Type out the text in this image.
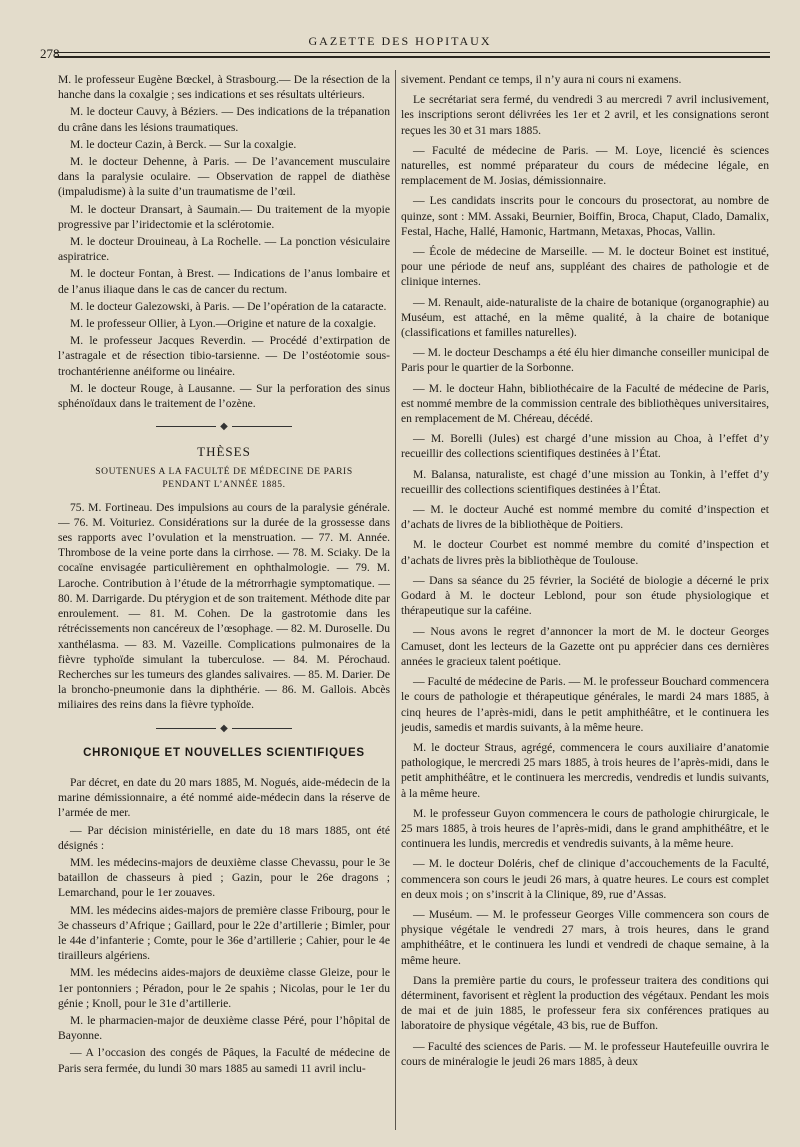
278
GAZETTE DES HOPITAUX

M. le professeur Eugène Bœckel, à Strasbourg.— De la résection de la hanche dans la coxalgie ; ses indications et ses résultats ultérieurs.

M. le docteur Cauvy, à Béziers. — Des indications de la trépanation du crâne dans les lésions traumatiques.

M. le docteur Cazin, à Berck. — Sur la coxalgie.

M. le docteur Dehenne, à Paris. — De l’avancement musculaire dans la paralysie oculaire. — Observation de rappel de diathèse (impaludisme) à la suite d’un traumatisme de l’œil.

M. le docteur Dransart, à Saumain.— Du traitement de la myopie progressive par l’iridectomie et la sclérotomie.

M. le docteur Drouineau, à La Rochelle. — La ponction vésiculaire aspiratrice.

M. le docteur Fontan, à Brest. — Indications de l’anus lombaire et de l’anus iliaque dans le cas de cancer du rectum.

M. le docteur Galezowski, à Paris. — De l’opération de la cataracte.

M. le professeur Ollier, à Lyon.—Origine et nature de la coxalgie.

M. le professeur Jacques Reverdin. — Procédé d’extirpation de l’astragale et de résection tibio-tarsienne. — De l’ostéotomie sous-trochantérienne anéiforme ou linéaire.

M. le docteur Rouge, à Lausanne. — Sur la perforation des sinus sphénoïdaux dans le traitement de l’ozène.

◆
THÈSES
SOUTENUES A LA FACULTÉ DE MÉDECINE DE PARIS
PENDANT L’ANNÉE 1885.

75. M. Fortineau. Des impulsions au cours de la paralysie générale. — 76. M. Voituriez. Considérations sur la durée de la grossesse dans ses rapports avec l’ovulation et la menstruation. — 77. M. Année. Thrombose de la veine porte dans la cirrhose. — 78. M. Sciaky. De la cocaïne envisagée particulièrement en ophthalmologie. — 79. M. Laroche. Contribution à l’étude de la métrorrhagie symptomatique. — 80. M. Darrigarde. Du ptérygion et de son traitement. Méthode dite par enroulement. — 81. M. Cohen. De la gastrotomie dans les rétrécissements non cancéreux de l’œsophage. — 82. M. Duroselle. Du xanthélasma. — 83. M. Vazeille. Complications pulmonaires de la fièvre typhoïde simulant la tuberculose. — 84. M. Pérochaud. Recherches sur les tumeurs des glandes salivaires. — 85. M. Darier. De la broncho-pneumonie dans la diphthérie. — 86. M. Gallois. Abcès miliaires des reins dans la fièvre typhoïde.

◆
CHRONIQUE ET NOUVELLES SCIENTIFIQUES

Par décret, en date du 20 mars 1885, M. Nogués, aide-médecin de la marine démissionnaire, a été nommé aide-médecin dans la réserve de l’armée de mer.

— Par décision ministérielle, en date du 18 mars 1885, ont été désignés :

MM. les médecins-majors de deuxième classe Chevassu, pour le 3e bataillon de chasseurs à pied ; Gazin, pour le 26e dragons ; Lemarchand, pour le 1er zouaves.

MM. les médecins aides-majors de première classe Fribourg, pour le 3e chasseurs d’Afrique ; Gaillard, pour le 22e d’artillerie ; Bimler, pour le 44e d’infanterie ; Comte, pour le 36e d’artillerie ; Cahier, pour le 4e tirailleurs algériens.

MM. les médecins aides-majors de deuxième classe Gleize, pour le 1er pontonniers ; Péradon, pour le 2e spahis ; Nicolas, pour le 1er du génie ; Knoll, pour le 31e d’artillerie.

M. le pharmacien-major de deuxième classe Péré, pour l’hôpital de Bayonne.

— A l’occasion des congés de Pâques, la Faculté de médecine de Paris sera fermée, du lundi 30 mars 1885 au samedi 11 avril inclu-

sivement. Pendant ce temps, il n’y aura ni cours ni examens.

Le secrétariat sera fermé, du vendredi 3 au mercredi 7 avril inclusivement, les inscriptions seront délivrées les 1er et 2 avril, et les consignations seront reçues les 30 et 31 mars 1885.

— Faculté de médecine de Paris. — M. Loye, licencié ès sciences naturelles, est nommé préparateur du cours de médecine légale, en remplacement de M. Josias, démissionnaire.

— Les candidats inscrits pour le concours du prosectorat, au nombre de quinze, sont : MM. Assaki, Beurnier, Boiffin, Broca, Chaput, Clado, Damalix, Festal, Hache, Hallé, Hamonic, Hartmann, Metaxas, Phocas, Vallin.

— École de médecine de Marseille. — M. le docteur Boinet est institué, pour une période de neuf ans, suppléant des chaires de pathologie et de clinique internes.

— M. Renault, aide-naturaliste de la chaire de botanique (organographie) au Muséum, est attaché, en la même qualité, à la chaire de botanique (classifications et familles naturelles).

— M. le docteur Deschamps a été élu hier dimanche conseiller municipal de Paris pour le quartier de la Sorbonne.

— M. le docteur Hahn, bibliothécaire de la Faculté de médecine de Paris, est nommé membre de la commission centrale des bibliothèques universitaires, en remplacement de M. Chéreau, décédé.

— M. Borelli (Jules) est chargé d’une mission au Choa, à l’effet d’y recueillir des collections scientifiques destinées à l’État.

M. Balansa, naturaliste, est chagé d’une mission au Tonkin, à l’effet d’y recueillir des collections scientifiques destinées à l’État.

— M. le docteur Auché est nommé membre du comité d’inspection et d’achats de livres de la bibliothèque de Poitiers.

M. le docteur Courbet est nommé membre du comité d’inspection et d’achats de livres près la bibliothèque de Toulouse.

— Dans sa séance du 25 février, la Société de biologie a décerné le prix Godard à M. le docteur Leblond, pour son étude physiologique et thérapeutique sur la caféine.

— Nous avons le regret d’annoncer la mort de M. le docteur Georges Camuset, dont les lecteurs de la Gazette ont pu apprécier dans ces dernières années le gracieux talent poétique.

— Faculté de médecine de Paris. — M. le professeur Bouchard commencera le cours de pathologie et thérapeutique générales, le mardi 24 mars 1885, à cinq heures de l’après-midi, dans le petit amphithéâtre, et le continuera les jeudis, samedis et mardis suivants, à la même heure.

M. le docteur Straus, agrégé, commencera le cours auxiliaire d’anatomie pathologique, le mercredi 25 mars 1885, à trois heures de l’après-midi, dans le petit amphithéâtre, et le continuera les mercredis, vendredis et lundis suivants, à la même heure.

M. le professeur Guyon commencera le cours de pathologie chirurgicale, le 25 mars 1885, à trois heures de l’après-midi, dans le grand amphithéâtre, et le continuera les lundis, mercredis et vendredis suivants, à la même heure.

— M. le docteur Doléris, chef de clinique d’accouchements de la Faculté, commencera son cours le jeudi 26 mars, à quatre heures. Le cours est complet en deux mois ; on s’inscrit à la Clinique, 89, rue d’Assas.

— Muséum. — M. le professeur Georges Ville commencera son cours de physique végétale le vendredi 27 mars, à trois heures, dans le grand amphithéâtre, et le continuera les lundi et vendredi de chaque semaine, à la même heure.

Dans la première partie du cours, le professeur traitera des conditions qui déterminent, favorisent et règlent la production des végétaux. Pendant les mois de mai et de juin 1885, le professeur fera six conférences pratiques au laboratoire de physique végétale, 43 bis, rue de Buffon.

— Faculté des sciences de Paris. — M. le professeur Hautefeuille ouvrira le cours de minéralogie le jeudi 26 mars 1885, à deux
